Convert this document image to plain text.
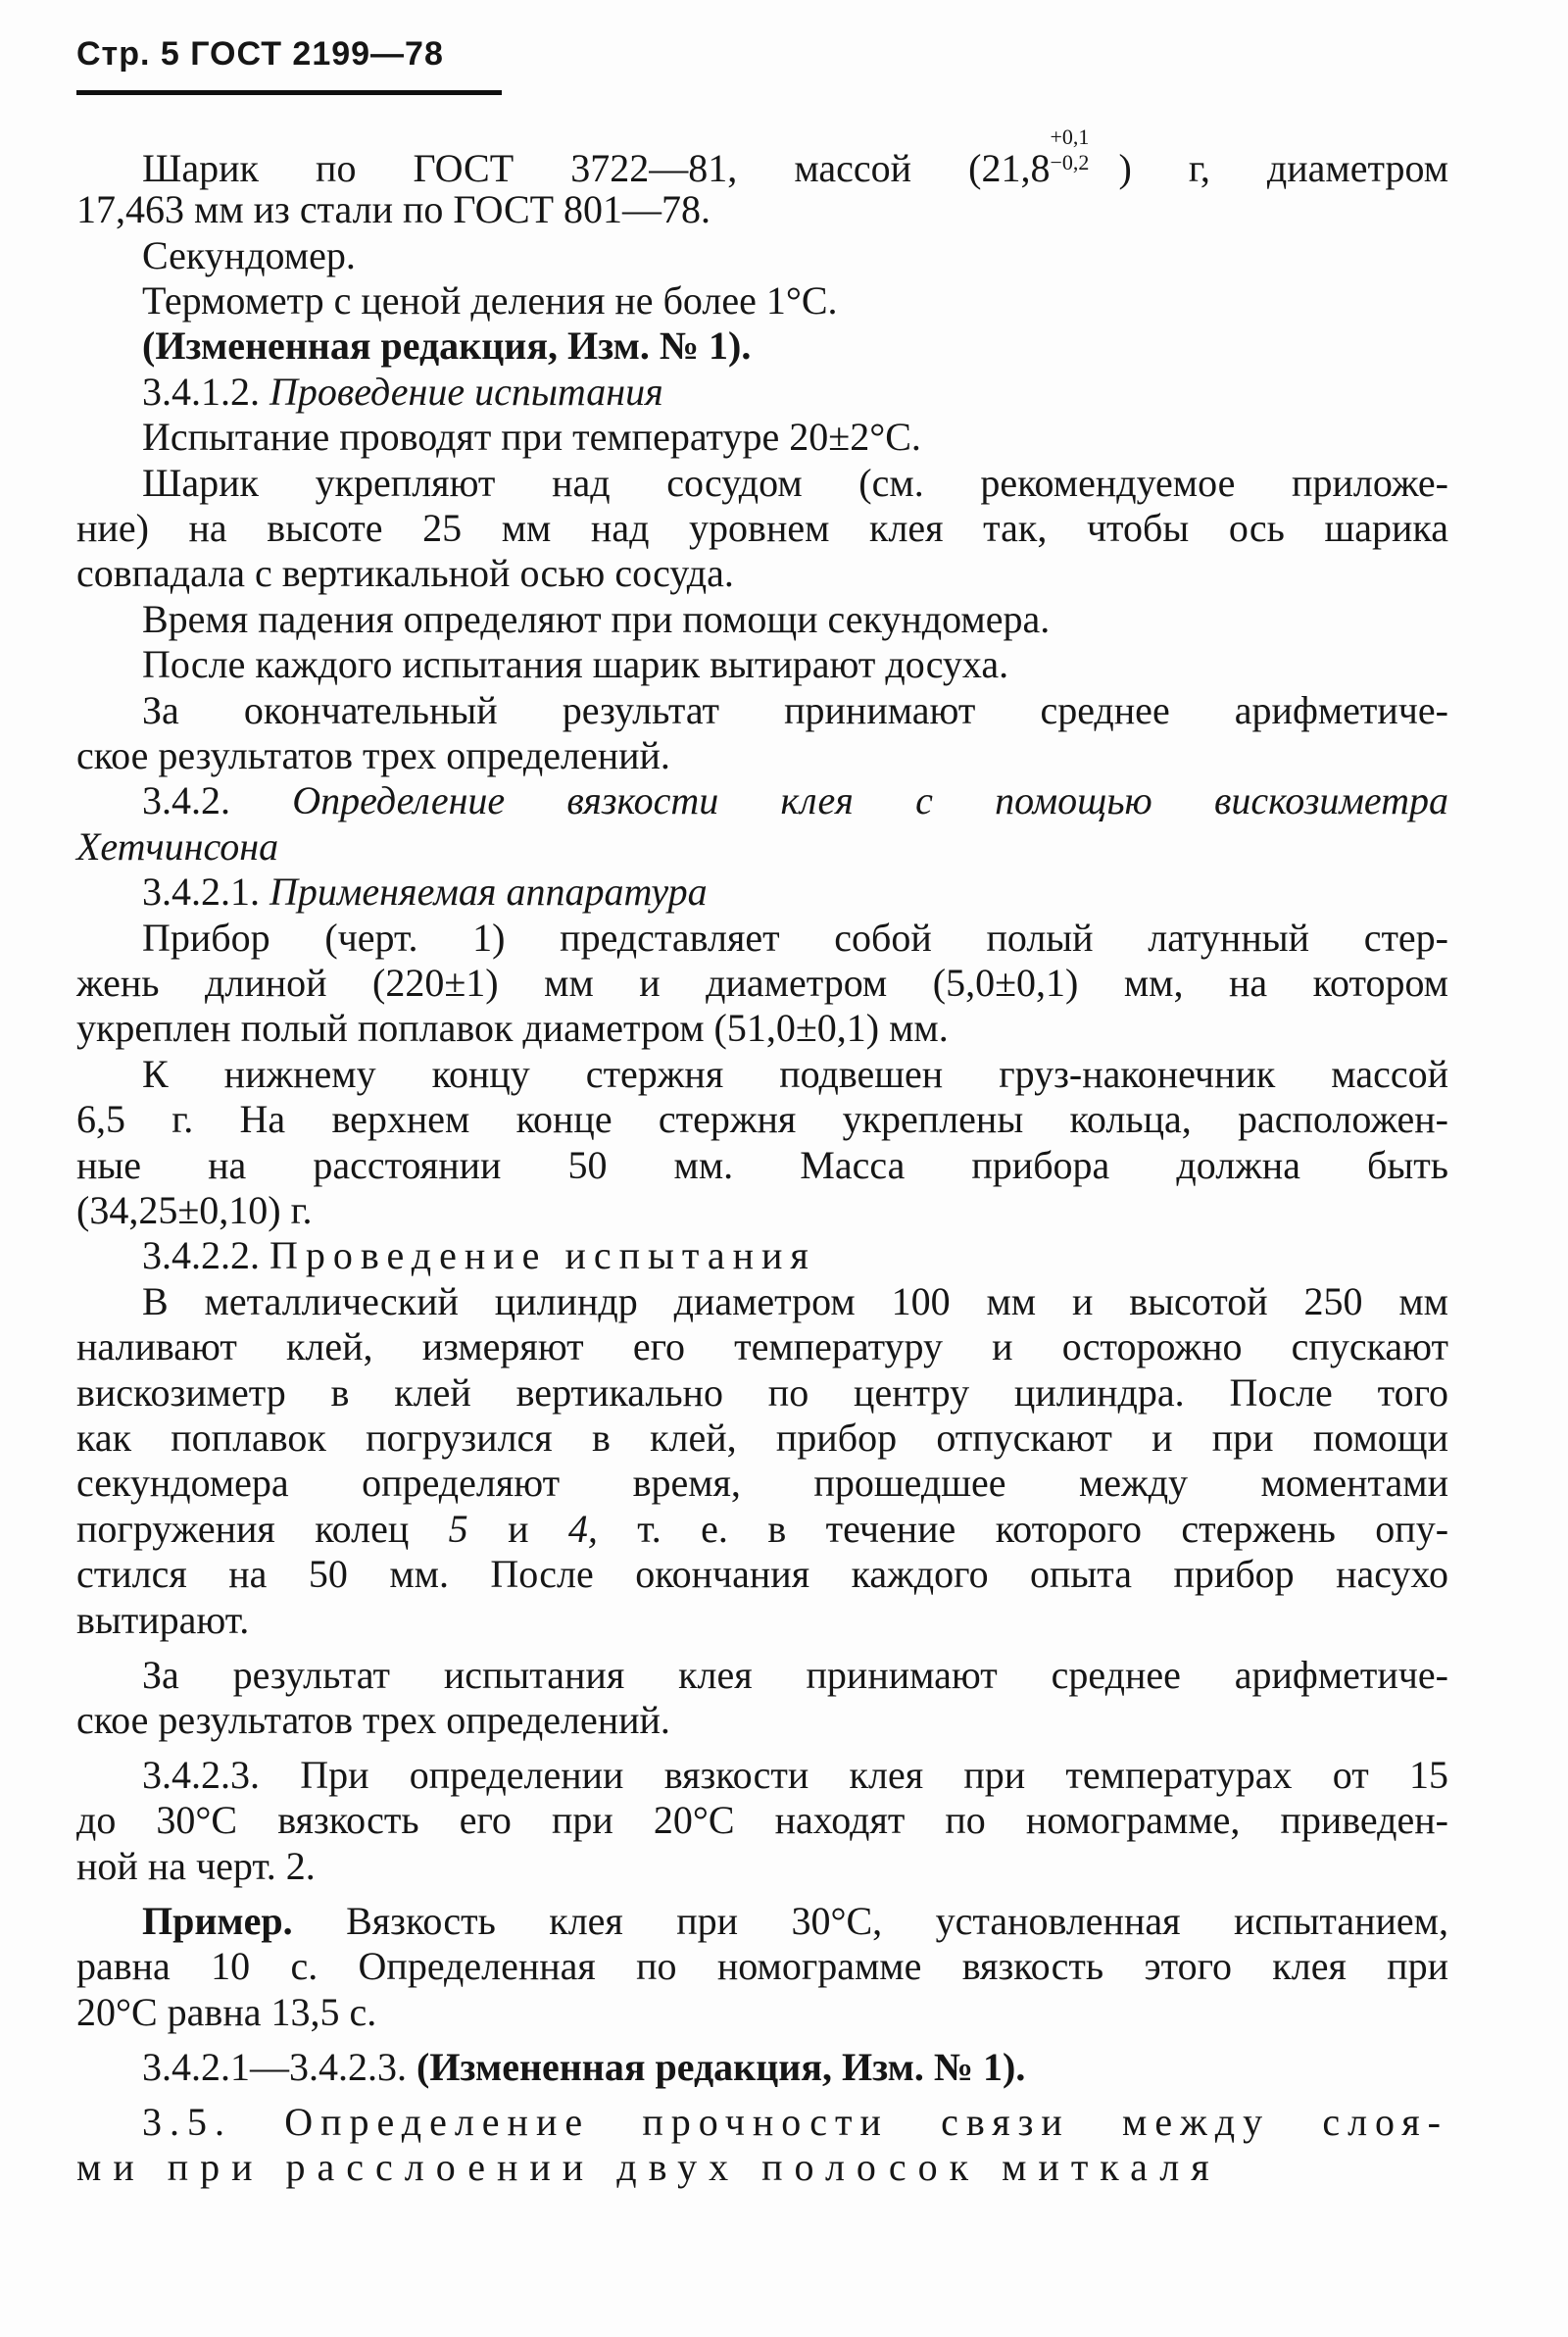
Стр. 5 ГОСТ 2199—78
Шарик по ГОСТ 3722—81, массой (21,8
+0,1
−0,2 ) г, диаметром
17,463 мм из стали по ГОСТ 801—78.
Секундомер.
Термометр с ценой деления не более 1°C.
(Измененная редакция, Изм. № 1).
3.4.1.2. Проведение испытания
Испытание проводят при температуре 20±2°C.
Шарик укрепляют над сосудом (см. рекомендуемое приложе-
ние) на высоте 25 мм над уровнем клея так, чтобы ось шарика
совпадала с вертикальной осью сосуда.
Время падения определяют при помощи секундомера.
После каждого испытания шарик вытирают досуха.
За окончательный результат принимают среднее арифметиче-
ское результатов трех определений.
3.4.2. Определение вязкости клея с помощью вискозиметра
Хетчинсона
3.4.2.1. Применяемая аппаратура
Прибор (черт. 1) представляет собой полый латунный стер-
жень длиной (220±1) мм и диаметром (5,0±0,1) мм, на котором
укреплен полый поплавок диаметром (51,0±0,1) мм.
К нижнему концу стержня подвешен груз-наконечник массой
6,5 г. На верхнем конце стержня укреплены кольца, расположен-
ные на расстоянии 50 мм. Масса прибора должна быть
(34,25±0,10) г.
3.4.2.2. Проведение испытания
В металлический цилиндр диаметром 100 мм и высотой 250 мм
наливают клей, измеряют его температуру и осторожно спускают
вискозиметр в клей вертикально по центру цилиндра. После того
как поплавок погрузился в клей, прибор отпускают и при помощи
секундомера определяют время, прошедшее между моментами
погружения колец 5 и 4, т. е. в течение которого стержень опу-
стился на 50 мм. После окончания каждого опыта прибор насухо
вытирают.
За результат испытания клея принимают среднее арифметиче-
ское результатов трех определений.
3.4.2.3. При определении вязкости клея при температурах от 15
до 30°C вязкость его при 20°C находят по номограмме, приведен-
ной на черт. 2.
Пример. Вязкость клея при 30°C, установленная испытанием,
равна 10 с. Определенная по номограмме вязкость этого клея при
20°C равна 13,5 с.
3.4.2.1—3.4.2.3. (Измененная редакция, Изм. № 1).
3.5. Определение прочности связи между слоя-
ми при расслоении двух полосок миткаля
